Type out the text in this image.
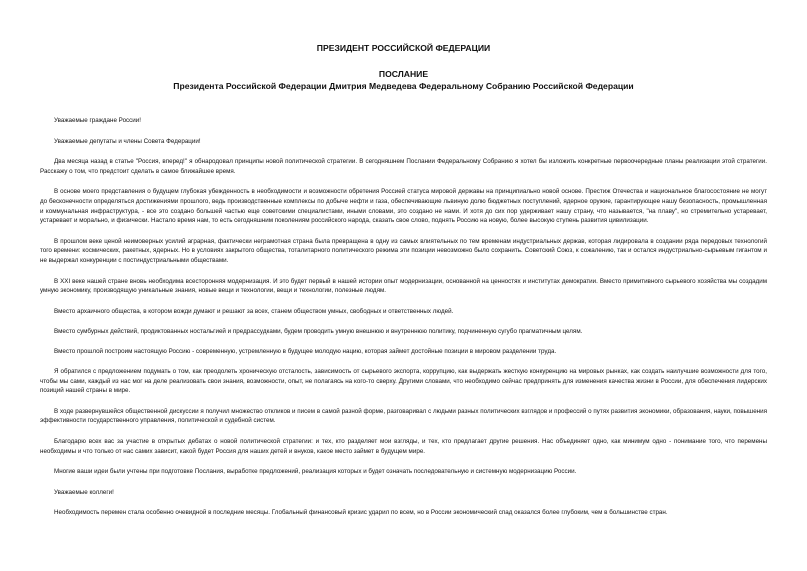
ПРЕЗИДЕНТ РОССИЙСКОЙ ФЕДЕРАЦИИ

ПОСЛАНИЕ

Президента Российской Федерации Дмитрия Медведева Федеральному Собранию Российской Федерации

Уважаемые граждане России!

Уважаемые депутаты и члены Совета Федерации!

Два месяца назад в статье "Россия, вперед!" я обнародовал принципы новой политической стратегии. В сегодняшнем Послании Федеральному Собранию я хотел бы изложить конкретные первоочередные планы реализации этой стратегии. Расскажу о том, что предстоит сделать в самое ближайшее время.

В основе моего представления о будущем глубокая убежденность в необходимости и возможности обретения Россией статуса мировой державы на принципиально новой основе. Престиж Отечества и национальное благосостояние не могут до бесконечности определяться достижениями прошлого, ведь производственные комплексы по добыче нефти и газа, обеспечивающие львиную долю бюджетных поступлений, ядерное оружие, гарантирующее нашу безопасность, промышленная и коммунальная инфраструктура, - все это создано большей частью еще советскими специалистами, иными словами, это создано не нами. И хотя до сих пор удерживает нашу страну, что называется, "на плаву", но стремительно устаревает, устаревает и морально, и физически. Настало время нам, то есть сегодняшним поколениям российского народа, сказать свое слово, поднять Россию на новую, более высокую ступень развития цивилизации.

В прошлом веке ценой неимоверных усилий аграрная, фактически неграмотная страна была превращена в одну из самых влиятельных по тем временам индустриальных держав, которая лидировала в создании ряда передовых технологий того времени: космических, ракетных, ядерных. Но в условиях закрытого общества, тоталитарного политического режима эти позиции невозможно было сохранить. Советский Союз, к сожалению, так и остался индустриально-сырьевым гигантом и не выдержал конкуренции с постиндустриальными обществами.

В XXI веке нашей стране вновь необходима всесторонняя модернизация. И это будет первый в нашей истории опыт модернизации, основанной на ценностях и институтах демократии. Вместо примитивного сырьевого хозяйства мы создадим умную экономику, производящую уникальные знания, новые вещи и технологии, вещи и технологии, полезные людям.

Вместо архаичного общества, в котором вожди думают и решают за всех, станем обществом умных, свободных и ответственных людей.

Вместо сумбурных действий, продиктованных ностальгией и предрассудками, будем проводить умную внешнюю и внутреннюю политику, подчиненную сугубо прагматичным целям.

Вместо прошлой построим настоящую Россию - современную, устремленную в будущее молодую нацию, которая займет достойные позиции в мировом разделении труда.

Я обратился с предложением подумать о том, как преодолеть хроническую отсталость, зависимость от сырьевого экспорта, коррупцию, как выдержать жесткую конкуренцию на мировых рынках, как создать наилучшие возможности для того, чтобы мы сами, каждый из нас мог на деле реализовать свои знания, возможности, опыт, не полагаясь на кого-то сверху. Другими словами, что необходимо сейчас предпринять для изменения качества жизни в России, для обеспечения лидерских позиций нашей страны в мире.

В ходе развернувшейся общественной дискуссии я получил множество откликов и писем в самой разной форме, разговаривал с людьми разных политических взглядов и профессий о путях развития экономики, образования, науки, повышения эффективности государственного управления, политической и судебной систем.

Благодарю всех вас за участие в открытых дебатах о новой политической стратегии: и тех, кто разделяет мои взгляды, и тех, кто предлагает другие решения. Нас объединяет одно, как минимум одно - понимание того, что перемены необходимы и что только от нас самих зависит, какой будет Россия для наших детей и внуков, какое место займет в будущем мире.

Многие ваши идеи были учтены при подготовке Послания, выработке предложений, реализация которых и будет означать последовательную и системную модернизацию России.

Уважаемые коллеги!

Необходимость перемен стала особенно очевидной в последние месяцы. Глобальный финансовый кризис ударил по всем, но в России экономический спад оказался более глубоким, чем в большинстве стран.
